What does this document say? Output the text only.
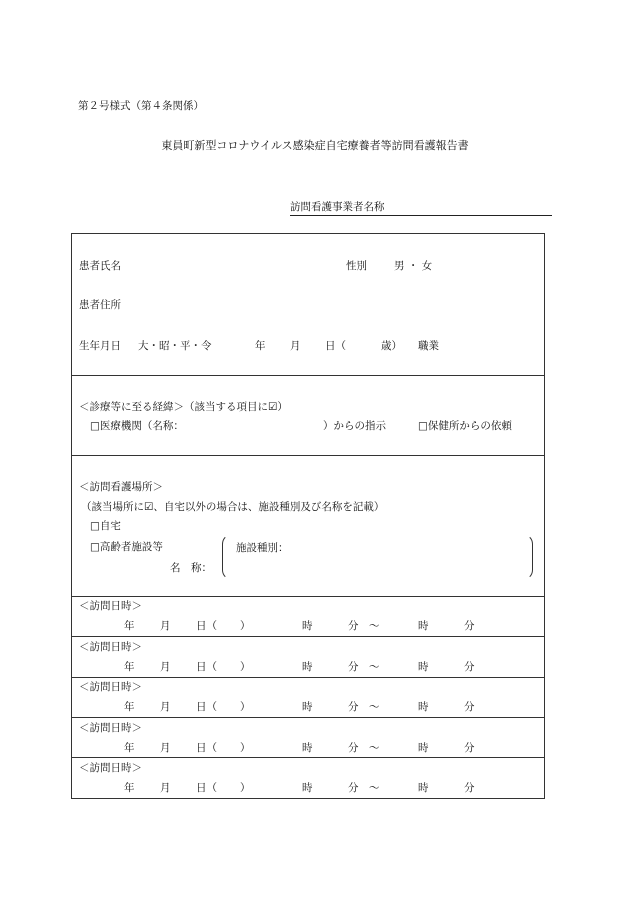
第２号様式（第４条関係）
東員町新型コロナウイルス感染症自宅療養者等訪問看護報告書
訪問看護事業者名称
患者氏名	性別	男 ・ 女
患者住所
生年月日 大・昭・平・令	年 月 日（	歳） 職業
＜診療等に至る経緯＞（該当する項目に☑）
□医療機関（名称：	）からの指示	□保健所からの依頼
＜訪問看護場所＞
（該当場所に☑、自宅以外の場合は、施設種別及び名称を記載）
□自宅
□高齢者施設等	施設種別：
名　称：
＜訪問日時＞
年 月 日（ ）	時	分 ～	時	分
＜訪問日時＞
年 月 日（ ）	時	分 ～	時	分
＜訪問日時＞
年 月 日（ ）	時	分 ～	時	分
＜訪問日時＞
年 月 日（ ）	時	分 ～	時	分
＜訪問日時＞
年 月 日（ ）	時	分 ～	時	分
